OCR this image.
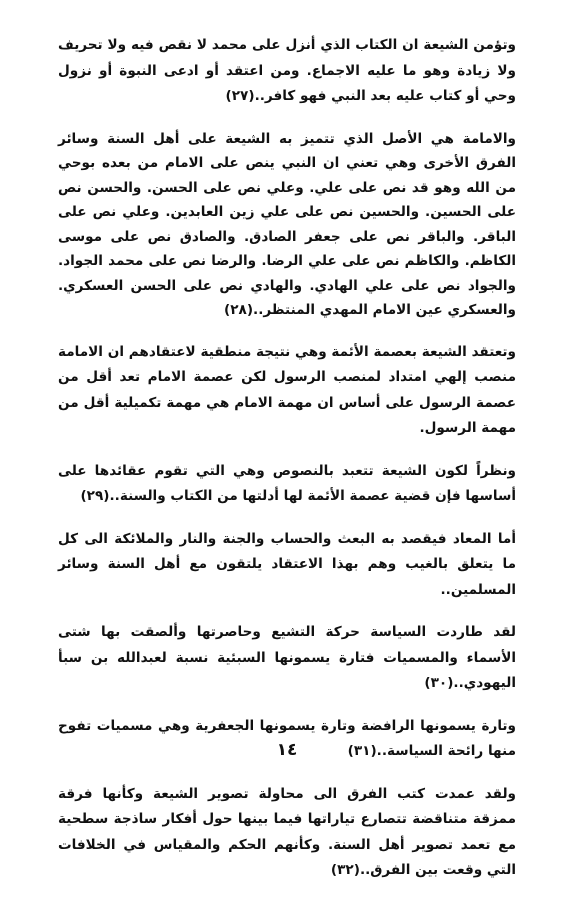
وتؤمن الشيعة ان الكتاب الذي أنزل على محمد لا نقص فيه ولا تحريف ولا زيادة وهو ما عليه الاجماع. ومن اعتقد أو ادعى النبوة أو نزول وحي أو كتاب عليه بعد النبي فهو كافر..(٢٧)

والامامة هي الأصل الذي تتميز به الشيعة على أهل السنة وسائر الفرق الأخرى وهي تعني ان النبي ينص على الامام من بعده بوحي من الله وهو قد نص على علي. وعلي نص على الحسن. والحسن نص على الحسين. والحسين نص على علي زين العابدين. وعلي نص على الباقر. والباقر نص على جعفر الصادق. والصادق نص على موسى الكاظم. والكاظم نص على علي الرضا. والرضا نص على محمد الجواد. والجواد نص على علي الهادي. والهادي نص على الحسن العسكري. والعسكري عين الامام المهدي المنتظر..(٢٨)

وتعتقد الشيعة بعصمة الأئمة وهي نتيجة منطقية لاعتقادهم ان الامامة منصب إلهي امتداد لمنصب الرسول لكن عصمة الامام تعد أقل من عصمة الرسول على أساس ان مهمة الامام هي مهمة تكميلية أقل من مهمة الرسول.

ونظراً لكون الشيعة تتعبد بالنصوص وهي التي تقوم عقائدها على أساسها فإن قضية عصمة الأئمة لها أدلتها من الكتاب والسنة..(٢٩)

أما المعاد فيقصد به البعث والحساب والجنة والنار والملائكة الى كل ما يتعلق بالغيب وهم بهذا الاعتقاد يلتقون مع أهل السنة وسائر المسلمين..

لقد طاردت السياسة حركة التشيع وحاصرتها وألصقت بها شتى الأسماء والمسميات فتارة يسمونها السبئية نسبة لعبدالله بن سبأ اليهودي..(٣٠)

وتارة يسمونها الرافضة وتارة يسمونها الجعفرية وهي مسميات تفوح منها رائحة السياسة..(٣١)

ولقد عمدت كتب الفرق الى محاولة تصوير الشيعة وكأنها فرقة ممزقة متناقضة تتصارع تياراتها فيما بينها حول أفكار ساذجة سطحية مع تعمد تصوير أهل السنة. وكأنهم الحكم والمقياس في الخلافات التي وقعت بين الفرق..(٣٢)

١٤
